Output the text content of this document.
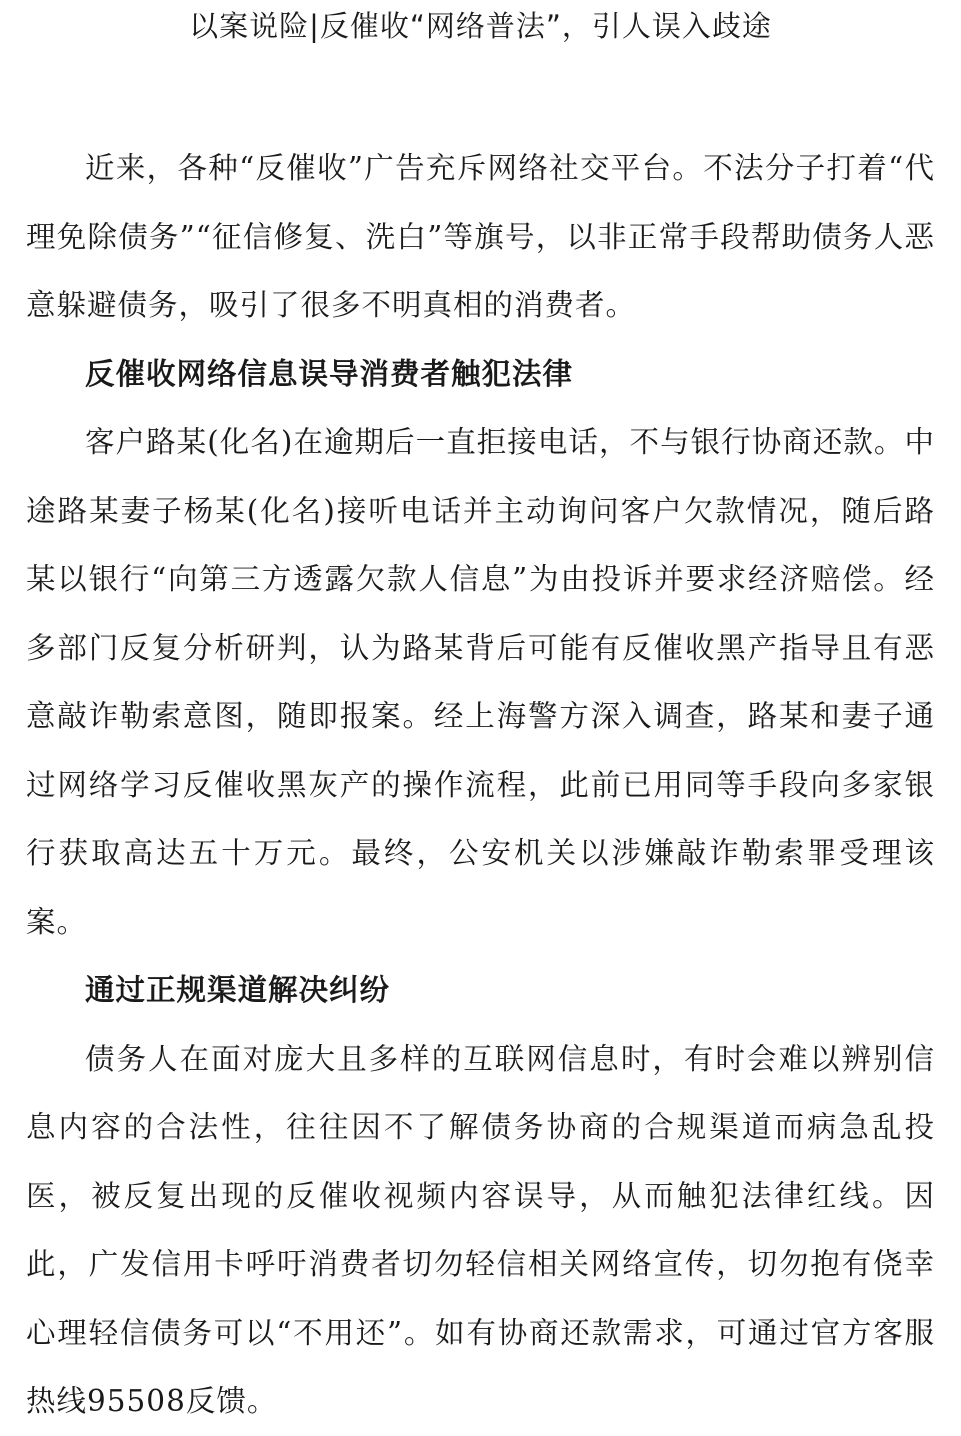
以案说险|反催收“网络普法”，引人误入歧途

近来，各种“反催收”广告充斥网络社交平台。不法分子打着“代理免除债务”“征信修复、洗白”等旗号，以非正常手段帮助债务人恶意躲避债务，吸引了很多不明真相的消费者。

反催收网络信息误导消费者触犯法律

客户路某(化名)在逾期后一直拒接电话，不与银行协商还款。中途路某妻子杨某(化名)接听电话并主动询问客户欠款情况，随后路某以银行“向第三方透露欠款人信息”为由投诉并要求经济赔偿。经多部门反复分析研判，认为路某背后可能有反催收黑产指导且有恶意敲诈勒索意图，随即报案。经上海警方深入调查，路某和妻子通过网络学习反催收黑灰产的操作流程，此前已用同等手段向多家银行获取高达五十万元。最终，公安机关以涉嫌敲诈勒索罪受理该案。

通过正规渠道解决纠纷

债务人在面对庞大且多样的互联网信息时，有时会难以辨别信息内容的合法性，往往因不了解债务协商的合规渠道而病急乱投医，被反复出现的反催收视频内容误导，从而触犯法律红线。因此，广发信用卡呼吁消费者切勿轻信相关网络宣传，切勿抱有侥幸心理轻信债务可以“不用还”。如有协商还款需求，可通过官方客服热线95508反馈。
